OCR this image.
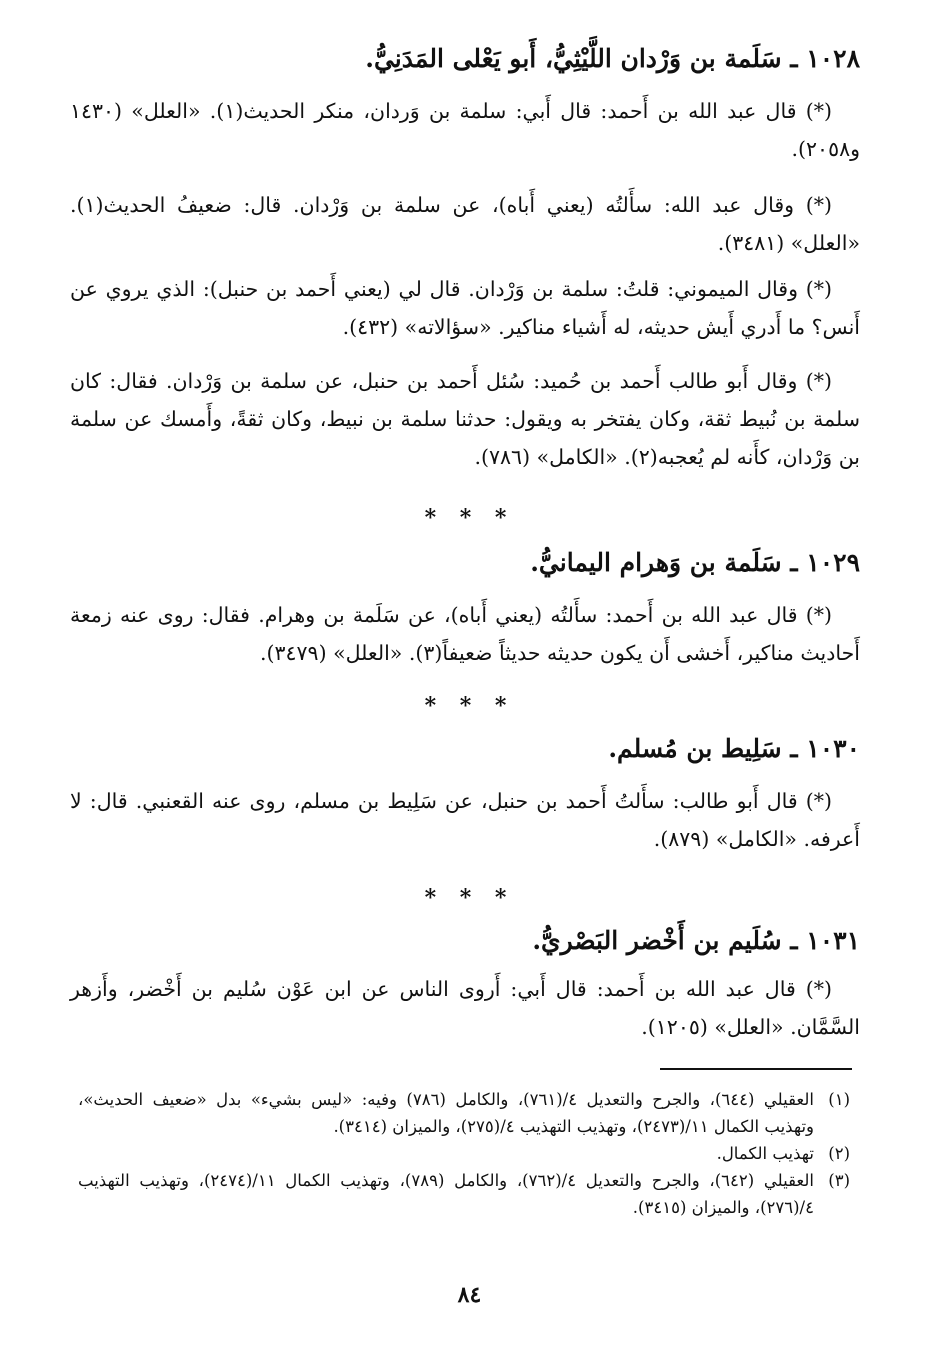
١٠٢٨ ـ سَلَمة بن وَرْدان اللَّيْثِيُّ، أَبو يَعْلى المَدَنِيُّ.

(*) قال عبد الله بن أَحمد: قال أَبي: سلمة بن وَردان، منكر الحديث(١). «العلل» (١٤٣٠ و٢٠٥٨).

(*) وقال عبد الله: سأَلتُه (يعني أَباه)، عن سلمة بن وَرْدان. قال: ضعيفُ الحديث(١). «العلل» (٣٤٨١).

(*) وقال الميموني: قلتُ: سلمة بن وَرْدان. قال لي (يعني أَحمد بن حنبل): الذي يروي عن أَنس؟ ما أَدري أَيش حديثه، له أَشياء مناكير. «سؤالاته» (٤٣٢).

(*) وقال أَبو طالب أَحمد بن حُميد: سُئل أَحمد بن حنبل، عن سلمة بن وَرْدان. فقال: كان سلمة بن نُبيط ثقة، وكان يفتخر به ويقول: حدثنا سلمة بن نبيط، وكان ثقةً، وأَمسك عن سلمة بن وَرْدان، كأَنه لم يُعجبه(٢). «الكامل» (٧٨٦).

* * *
١٠٢٩ ـ سَلَمة بن وَهرام اليمانيُّ.

(*) قال عبد الله بن أَحمد: سأَلتُه (يعني أَباه)، عن سَلَمة بن وهرام. فقال: روى عنه زمعة أَحاديث مناكير، أَخشى أَن يكون حديثه حديثاً ضعيفاً(٣). «العلل» (٣٤٧٩).

* * *
١٠٣٠ ـ سَلِيط بن مُسلم.

(*) قال أَبو طالب: سأَلتُ أَحمد بن حنبل، عن سَلِيط بن مسلم، روى عنه القعنبي. قال: لا أَعرفه. «الكامل» (٨٧٩).

* * *
١٠٣١ ـ سُلَيم بن أَخْضر البَصْريُّ.

(*) قال عبد الله بن أَحمد: قال أَبي: أَروى الناس عن ابن عَوْن سُليم بن أَخْضر، وأَزهر السَّمَّان. «العلل» (١٢٠٥).

(١)
العقيلي (٦٤٤)، والجرح والتعديل ٤/(٧٦١)، والكامل (٧٨٦) وفيه: «ليس بشيء» بدل «ضعيف الحديث»، وتهذيب الكمال ١١/(٢٤٧٣)، وتهذيب التهذيب ٤/(٢٧٥)، والميزان (٣٤١٤).
(٢)
تهذيب الكمال.
(٣)
العقيلي (٦٤٢)، والجرح والتعديل ٤/(٧٦٢)، والكامل (٧٨٩)، وتهذيب الكمال ١١/(٢٤٧٤)، وتهذيب التهذيب ٤/(٢٧٦)، والميزان (٣٤١٥).
٨٤
